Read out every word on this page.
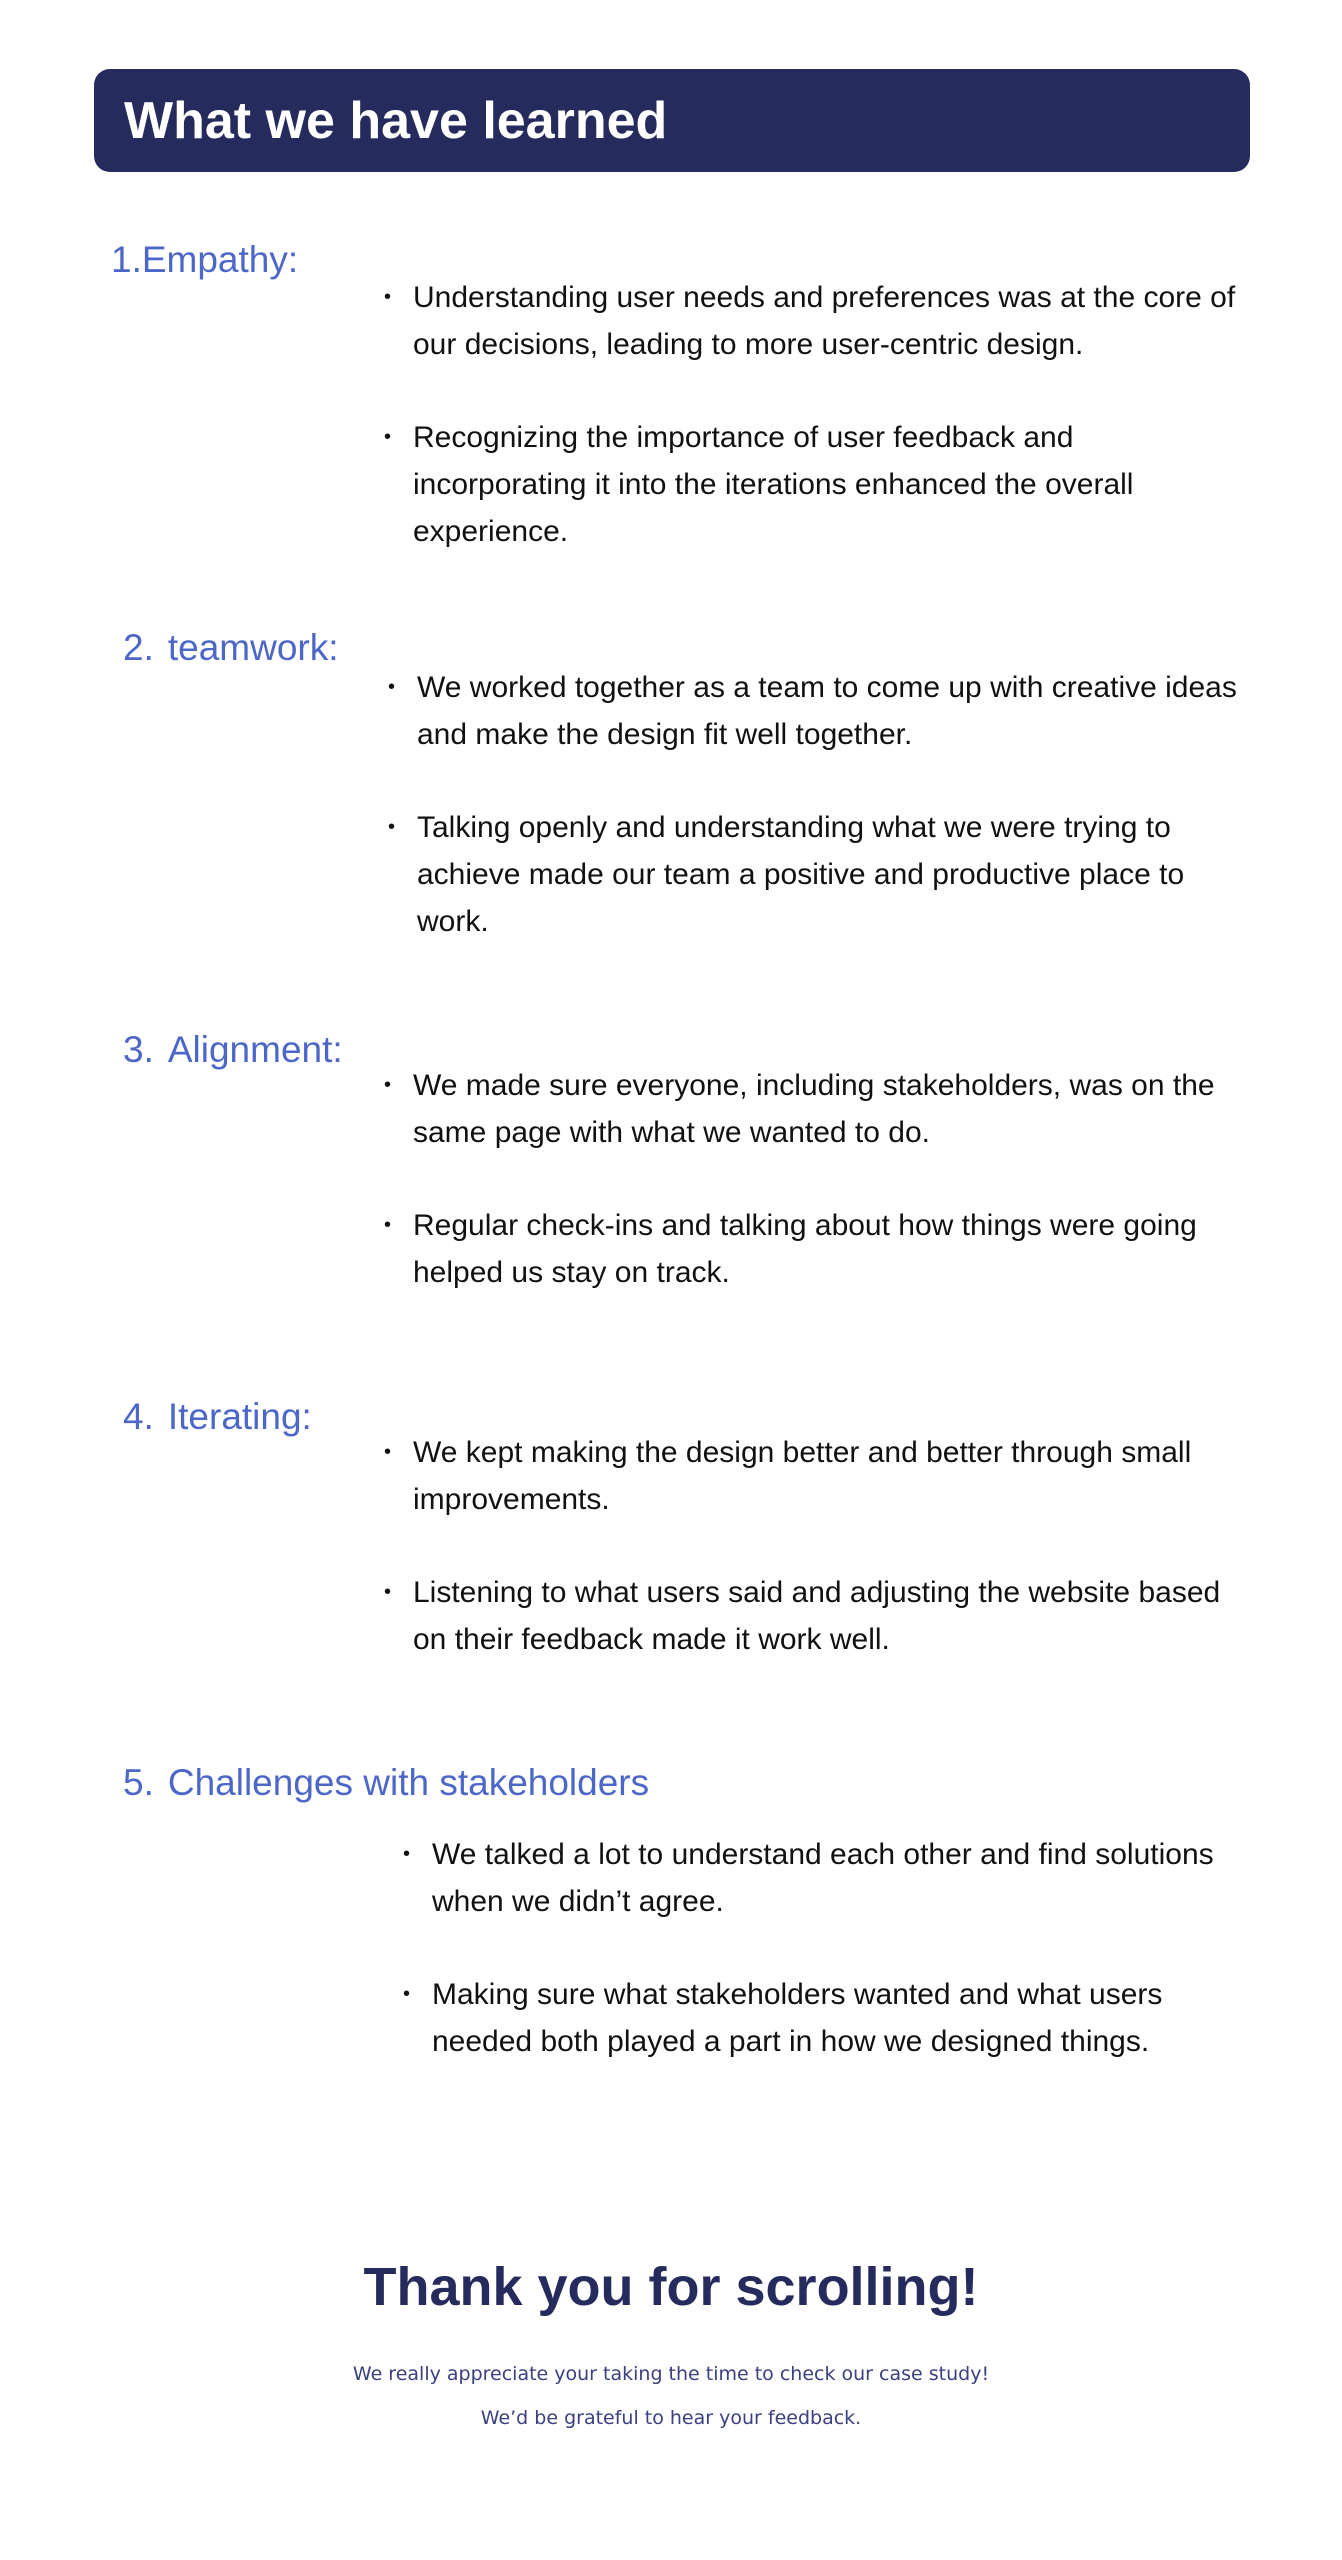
What we have learned
1.Empathy:
• Understanding user needs and preferences was at the core of our decisions, leading to more user-centric design.
• Recognizing the importance of user feedback and incorporating it into the iterations enhanced the overall experience.
2. teamwork:
• We worked together as a team to come up with creative ideas and make the design fit well together.
• Talking openly and understanding what we were trying to achieve made our team a positive and productive place to work.
3. Alignment:
• We made sure everyone, including stakeholders, was on the same page with what we wanted to do.
• Regular check-ins and talking about how things were going helped us stay on track.
4. Iterating:
• We kept making the design better and better through small improvements.
• Listening to what users said and adjusting the website based on their feedback made it work well.
5. Challenges with stakeholders
• We talked a lot to understand each other and find solutions when we didn’t agree.
• Making sure what stakeholders wanted and what users needed both played a part in how we designed things.
Thank you for scrolling!

We really appreciate your taking the time to check our case study!

We’d be grateful to hear your feedback.
